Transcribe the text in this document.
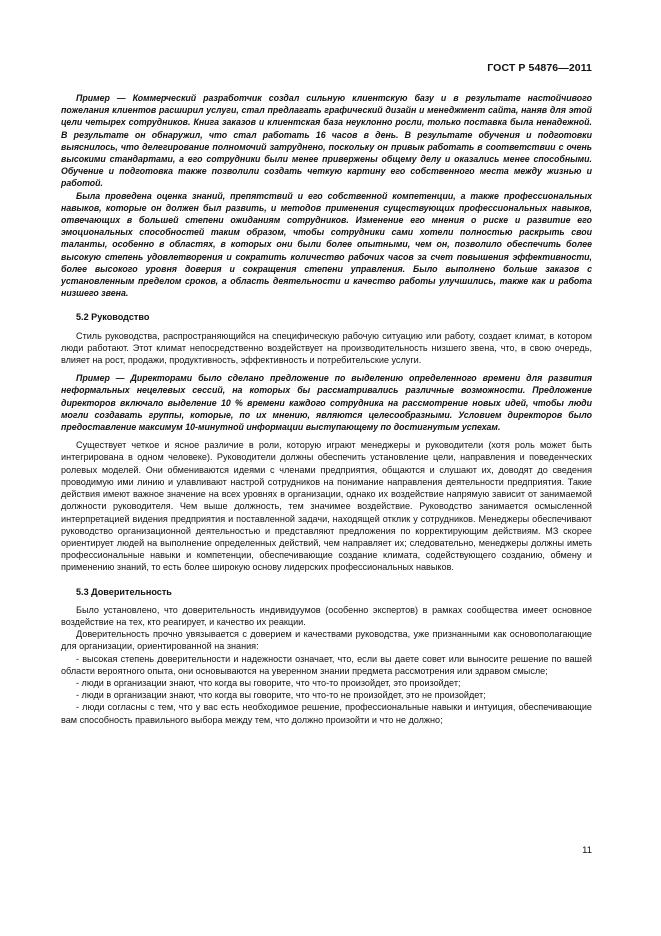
ГОСТ Р 54876—2011

Пример — Коммерческий разработчик создал сильную клиентскую базу и в результате настойчивого пожелания клиентов расширил услуги, стал предлагать графический дизайн и менеджмент сайта, наняв для этой цели четырех сотрудников. Книга заказов и клиентская база неуклонно росли, только поставка была ненадежной. В результате он обнаружил, что стал работать 16 часов в день. В результате обучения и подготовки выяснилось, что делегирование полномочий затруднено, поскольку он привык работать в соответствии с очень высокими стандартами, а его сотрудники были менее привержены общему делу и оказались менее способными. Обучение и подготовка также позволили создать четкую картину его собственного места между жизнью и работой.

Была проведена оценка знаний, препятствий и его собственной компетенции, а также профессиональных навыков, которые он должен был развить, и методов применения существующих профессиональных навыков, отвечающих в большей степени ожиданиям сотрудников. Изменение его мнения о риске и развитие его эмоциональных способностей таким образом, чтобы сотрудники сами хотели полностью раскрыть свои таланты, особенно в областях, в которых они были более опытными, чем он, позволило обеспечить более высокую степень удовлетворения и сократить количество рабочих часов за счет повышения эффективности, более высокого уровня доверия и сокращения степени управления. Было выполнено больше заказов с установленным пределом сроков, а область деятельности и качество работы улучшились, также как и работа низшего звена.

5.2 Руководство

Стиль руководства, распространяющийся на специфическую рабочую ситуацию или работу, создает климат, в котором люди работают. Этот климат непосредственно воздействует на производительность низшего звена, что, в свою очередь, влияет на рост, продажи, продуктивность, эффективность и потребительские услуги.

Пример — Директорами было сделано предложение по выделению определенного времени для развития неформальных нецелевых сессий, на которых бы рассматривались различные возможности. Предложение директоров включало выделение 10 % времени каждого сотрудника на рассмотрение новых идей, чтобы люди могли создавать группы, которые, по их мнению, являются целесообразными. Условием директоров было предоставление максимум 10-минутной информации выступающему по достигнутым успехам.

Существует четкое и ясное различие в роли, которую играют менеджеры и руководители (хотя роль может быть интегрирована в одном человеке). Руководители должны обеспечить установление цели, направления и поведенческих ролевых моделей. Они обмениваются идеями с членами предприятия, общаются и слушают их, доводят до сведения проводимую ими линию и улавливают настрой сотрудников на понимание направления деятельности предприятия. Такие действия имеют важное значение на всех уровнях в организации, однако их воздействие напрямую зависит от занимаемой должности руководителя. Чем выше должность, тем значимее воздействие. Руководство занимается осмысленной интерпретацией видения предприятия и поставленной задачи, находящей отклик у сотрудников. Менеджеры обеспечивают руководство организационной деятельностью и представляют предложения по корректирующим действиям. МЗ скорее ориентирует людей на выполнение определенных действий, чем направляет их; следовательно, менеджеры должны иметь профессиональные навыки и компетенции, обеспечивающие создание климата, содействующего созданию, обмену и применению знаний, то есть более широкую основу лидерских профессиональных навыков.

5.3 Доверительность

Было установлено, что доверительность индивидуумов (особенно экспертов) в рамках сообщества имеет основное воздействие на тех, кто реагирует, и качество их реакции.

Доверительность прочно увязывается с доверием и качествами руководства, уже признанными как основополагающие для организации, ориентированной на знания:

- высокая степень доверительности и надежности означает, что, если вы даете совет или выносите решение по вашей области вероятного опыта, они основываются на уверенном знании предмета рассмотрения или здравом смысле;

- люди в организации знают, что когда вы говорите, что что-то произойдет, это произойдет;

- люди в организации знают, что когда вы говорите, что что-то не произойдет, это не произойдет;

- люди согласны с тем, что у вас есть необходимое решение, профессиональные навыки и интуиция, обеспечивающие вам способность правильного выбора между тем, что должно произойти и что не должно;

11
